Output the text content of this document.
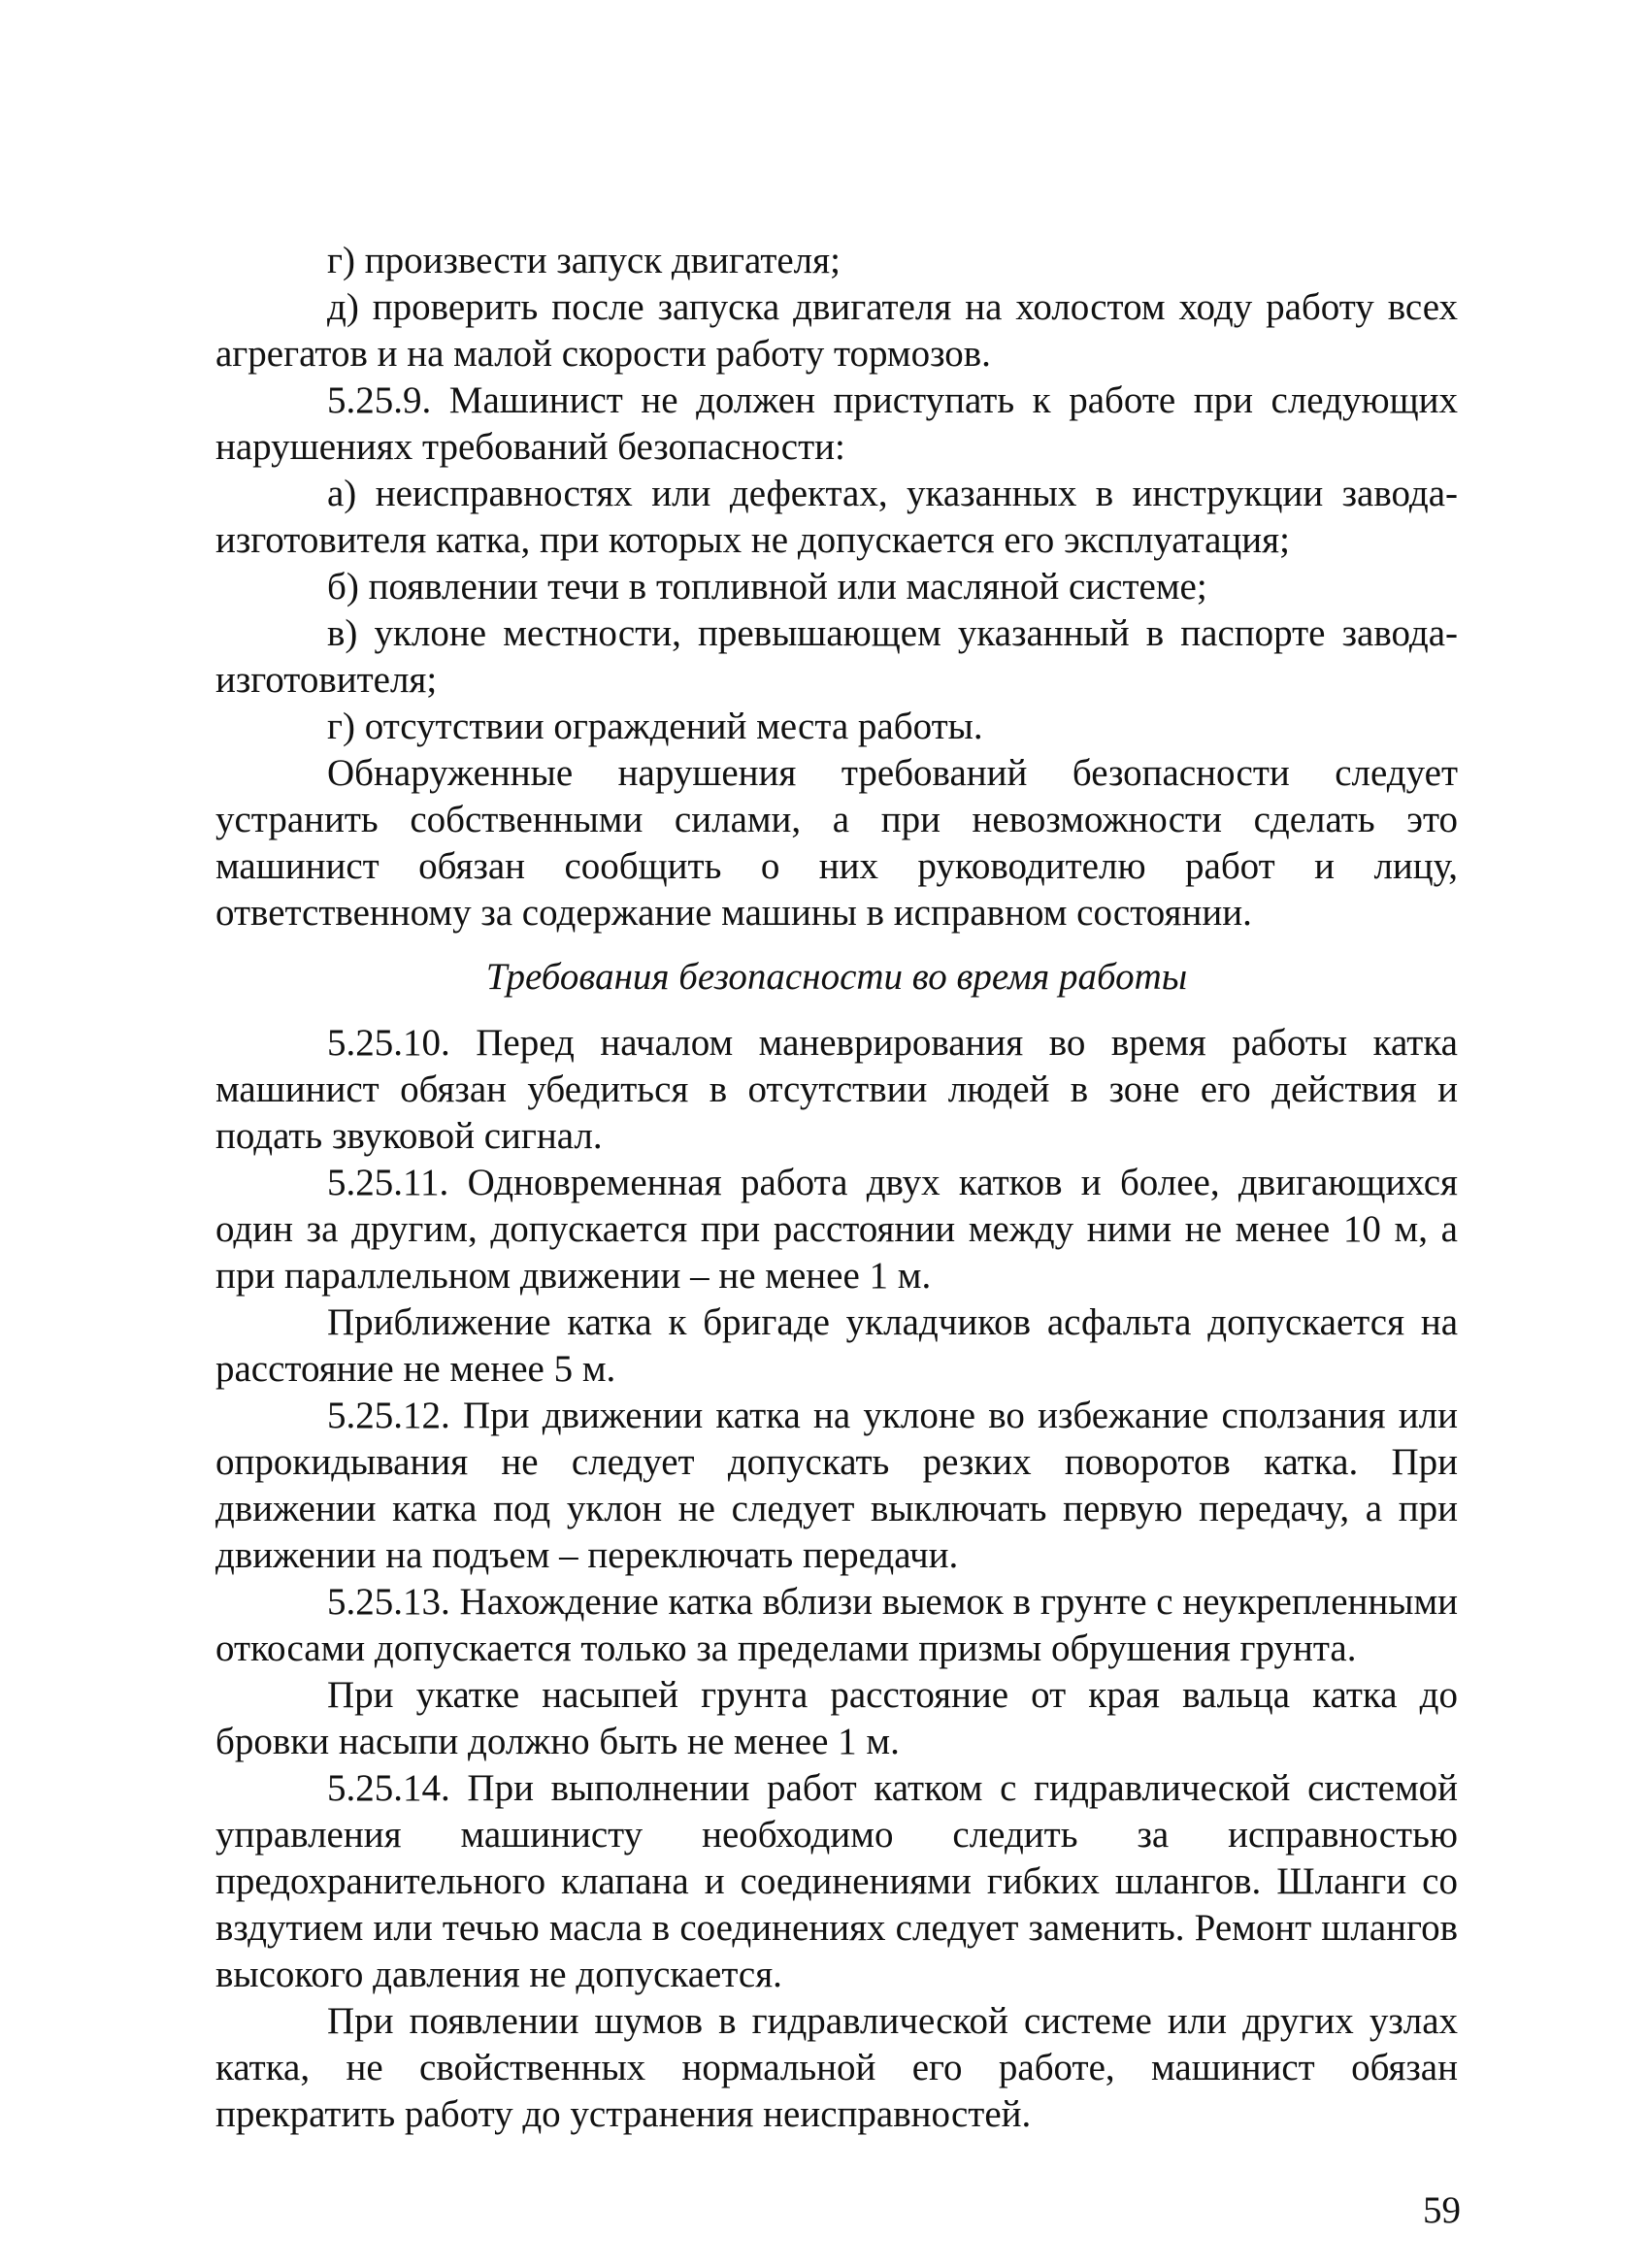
г) произвести запуск двигателя;

д) проверить после запуска двигателя на холостом ходу работу всех агрегатов и на малой скорости работу тормозов.

5.25.9. Машинист не должен приступать к работе при следующих нарушениях требований безопасности:

а) неисправностях или дефектах, указанных в инструкции завода-изготовителя катка, при которых не допускается его эксплуатация;

б) появлении течи в топливной или масляной системе;

в) уклоне местности, превышающем указанный в паспорте завода-изготовителя;

г) отсутствии ограждений места работы.

Обнаруженные нарушения требований безопасности следует устранить собственными силами, а при невозможности сделать это машинист обязан сообщить о них руководителю работ и лицу, ответственному за содержание машины в исправном состоянии.

Требования безопасности во время работы

5.25.10. Перед началом маневрирования во время работы катка машинист обязан убедиться в отсутствии людей в зоне его действия и подать звуковой сигнал.

5.25.11. Одновременная работа двух катков и более, двигающихся один за другим, допускается при расстоянии между ними не менее 10 м, а при параллельном движении – не менее 1 м.

Приближение катка к бригаде укладчиков асфальта допускается на расстояние не менее 5 м.

5.25.12. При движении катка на уклоне во избежание сползания или опрокидывания не следует допускать резких поворотов катка. При движении катка под уклон не следует выключать первую передачу, а при движении на подъем – переключать передачи.

5.25.13. Нахождение катка вблизи выемок в грунте с неукрепленными откосами допускается только за пределами призмы обрушения грунта.

При укатке насыпей грунта расстояние от края вальца катка до бровки насыпи должно быть не менее 1 м.

5.25.14. При выполнении работ катком с гидравлической системой управления машинисту необходимо следить за исправностью предохранительного клапана и соединениями гибких шлангов. Шланги со вздутием или течью масла в соединениях следует заменить. Ремонт шлангов высокого давления не допускается.

При появлении шумов в гидравлической системе или других узлах катка, не свойственных нормальной его работе, машинист обязан прекратить работу до устранения неисправностей.

59
